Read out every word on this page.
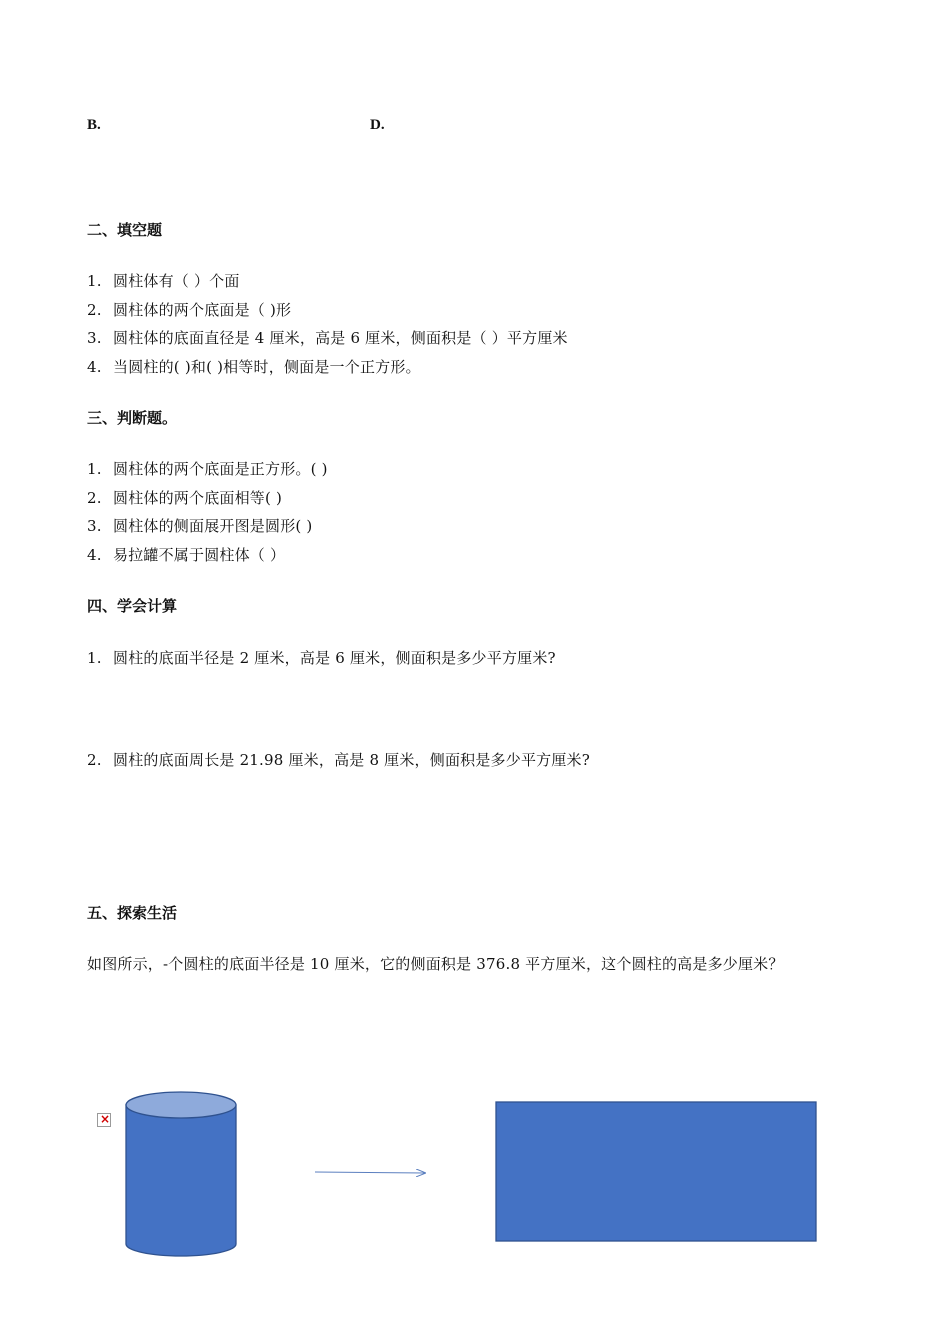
B.	D.
二、填空题
1. 圆柱体有（ ）个面
2. 圆柱体的两个底面是（ )形
3. 圆柱体的底面直径是 4 厘米，高是 6 厘米，侧面积是（ ）平方厘米
4. 当圆柱的( )和( )相等时，侧面是一个正方形。
三、判断题。
1. 圆柱体的两个底面是正方形。( )
2. 圆柱体的两个底面相等( )
3. 圆柱体的侧面展开图是圆形( )
4. 易拉罐不属于圆柱体（ ）
四、学会计算
1. 圆柱的底面半径是 2 厘米，高是 6 厘米，侧面积是多少平方厘米?
2. 圆柱的底面周长是 21.98 厘米，高是 8 厘米，侧面积是多少平方厘米?
五、探索生活
如图所示，-个圆柱的底面半径是 10 厘米，它的侧面积是 376.8 平方厘米，这个圆柱的高是多少厘米？
×
